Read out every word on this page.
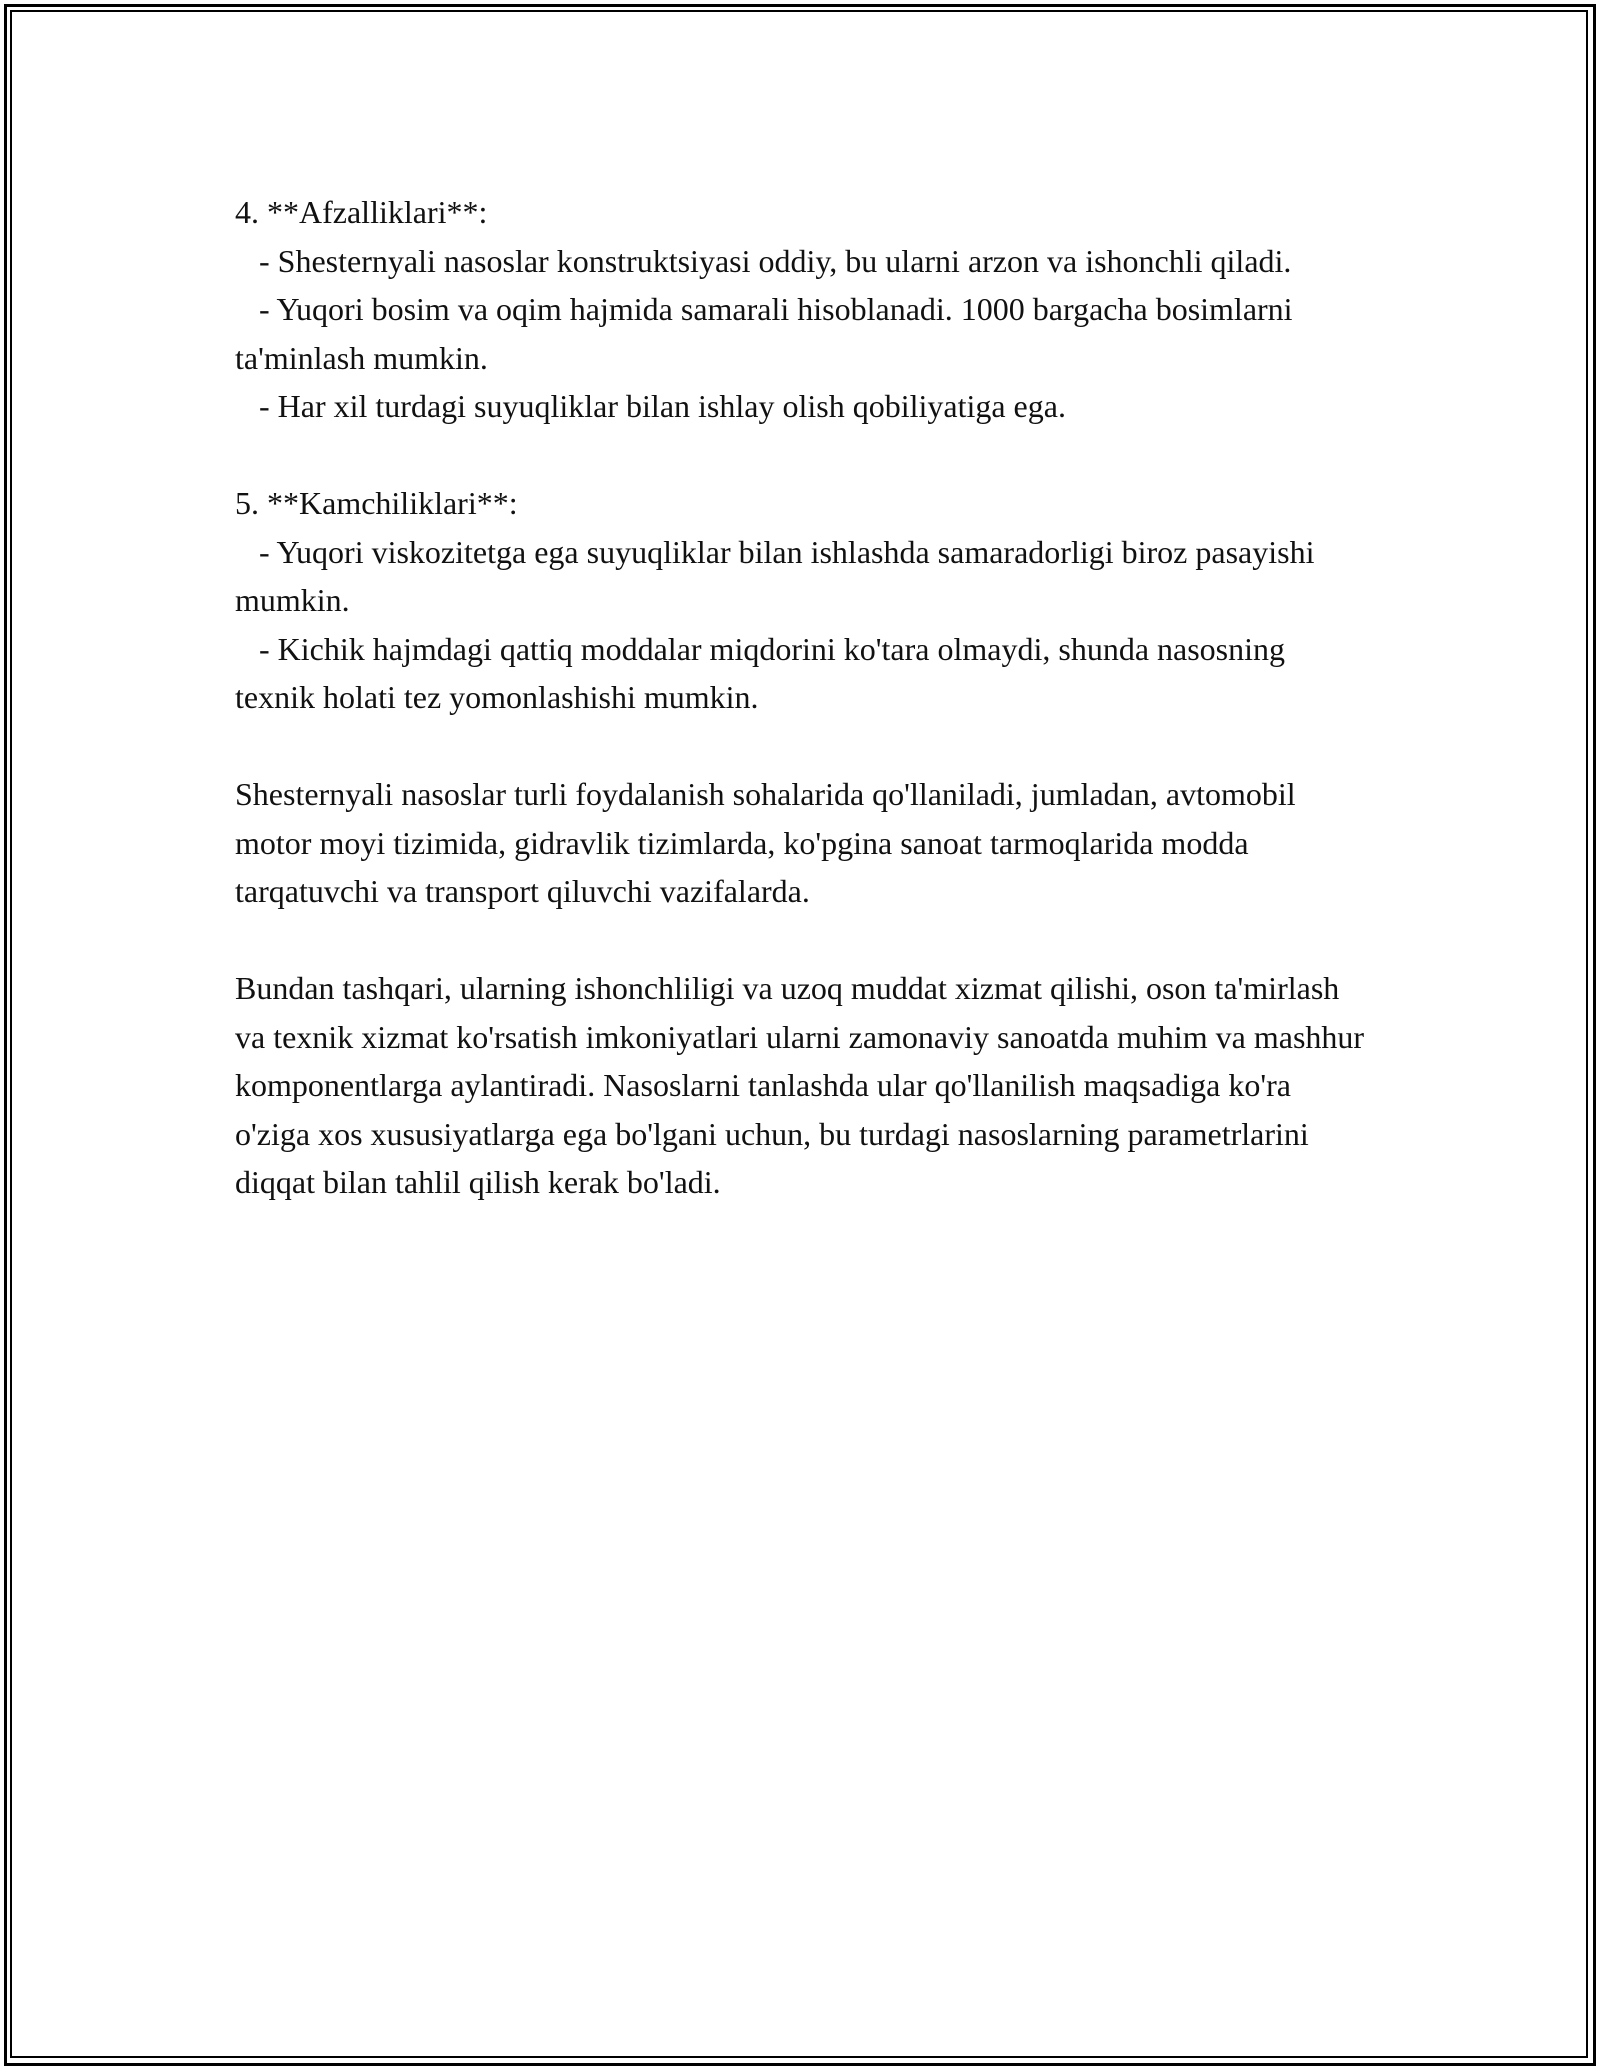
4. **Afzalliklari**:

- Shesternyali nasoslar konstruktsiyasi oddiy, bu ularni arzon va ishonchli qiladi.

- Yuqori bosim va oqim hajmida samarali hisoblanadi. 1000 bargacha bosimlarni ta'minlash mumkin.

- Har xil turdagi suyuqliklar bilan ishlay olish qobiliyatiga ega.

5. **Kamchiliklari**:

- Yuqori viskozitetga ega suyuqliklar bilan ishlashda samaradorligi biroz pasayishi mumkin.

- Kichik hajmdagi qattiq moddalar miqdorini ko'tara olmaydi, shunda nasosning texnik holati tez yomonlashishi mumkin.

Shesternyali nasoslar turli foydalanish sohalarida qo'llaniladi, jumladan, avtomobil motor moyi tizimida, gidravlik tizimlarda, ko'pgina sanoat tarmoqlarida modda tarqatuvchi va transport qiluvchi vazifalarda.

Bundan tashqari, ularning ishonchliligi va uzoq muddat xizmat qilishi, oson ta'mirlash va texnik xizmat ko'rsatish imkoniyatlari ularni zamonaviy sanoatda muhim va mashhur komponentlarga aylantiradi. Nasoslarni tanlashda ular qo'llanilish maqsadiga ko'ra o'ziga xos xususiyatlarga ega bo'lgani uchun, bu turdagi nasoslarning parametrlarini diqqat bilan tahlil qilish kerak bo'ladi.
